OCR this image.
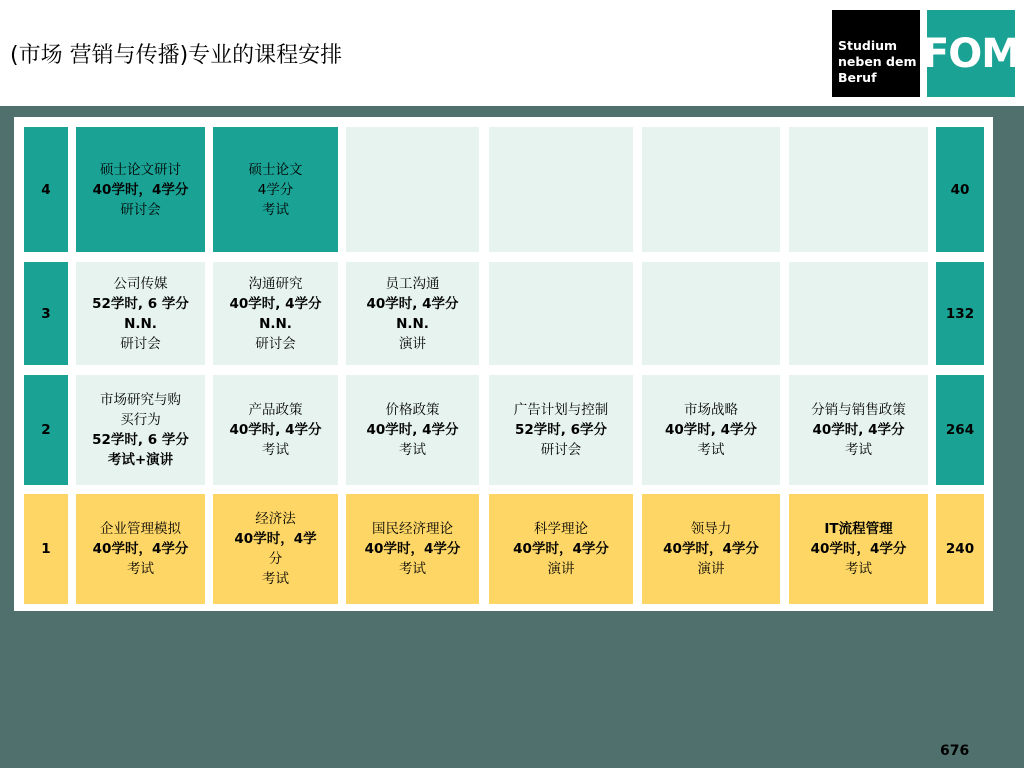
(市场 营销与传播)专业的课程安排	Studium
neben dem
Beruf
FOM
4
硕士论文研讨
40学时，4学分
研讨会
硕士论文
4学分
考试
40
3
公司传媒
52学时, 6 学分
N.N.
研讨会
沟通研究
40学时, 4学分
N.N.
研讨会
员工沟通
40学时, 4学分
N.N.
演讲
132
2
市场研究与购
买行为
52学时, 6 学分
考试+演讲
产品政策
40学时, 4学分
考试
价格政策
40学时, 4学分
考试
广告计划与控制
52学时, 6学分
研讨会
市场战略
40学时, 4学分
考试
分销与销售政策
40学时, 4学分
考试
264
1
企业管理模拟
40学时，4学分
考试
经济法
40学时，4学
分
考试
国民经济理论
40学时，4学分
考试
科学理论
40学时，4学分
演讲
领导力
40学时，4学分
演讲
IT流程管理
40学时，4学分
考试
240
676
